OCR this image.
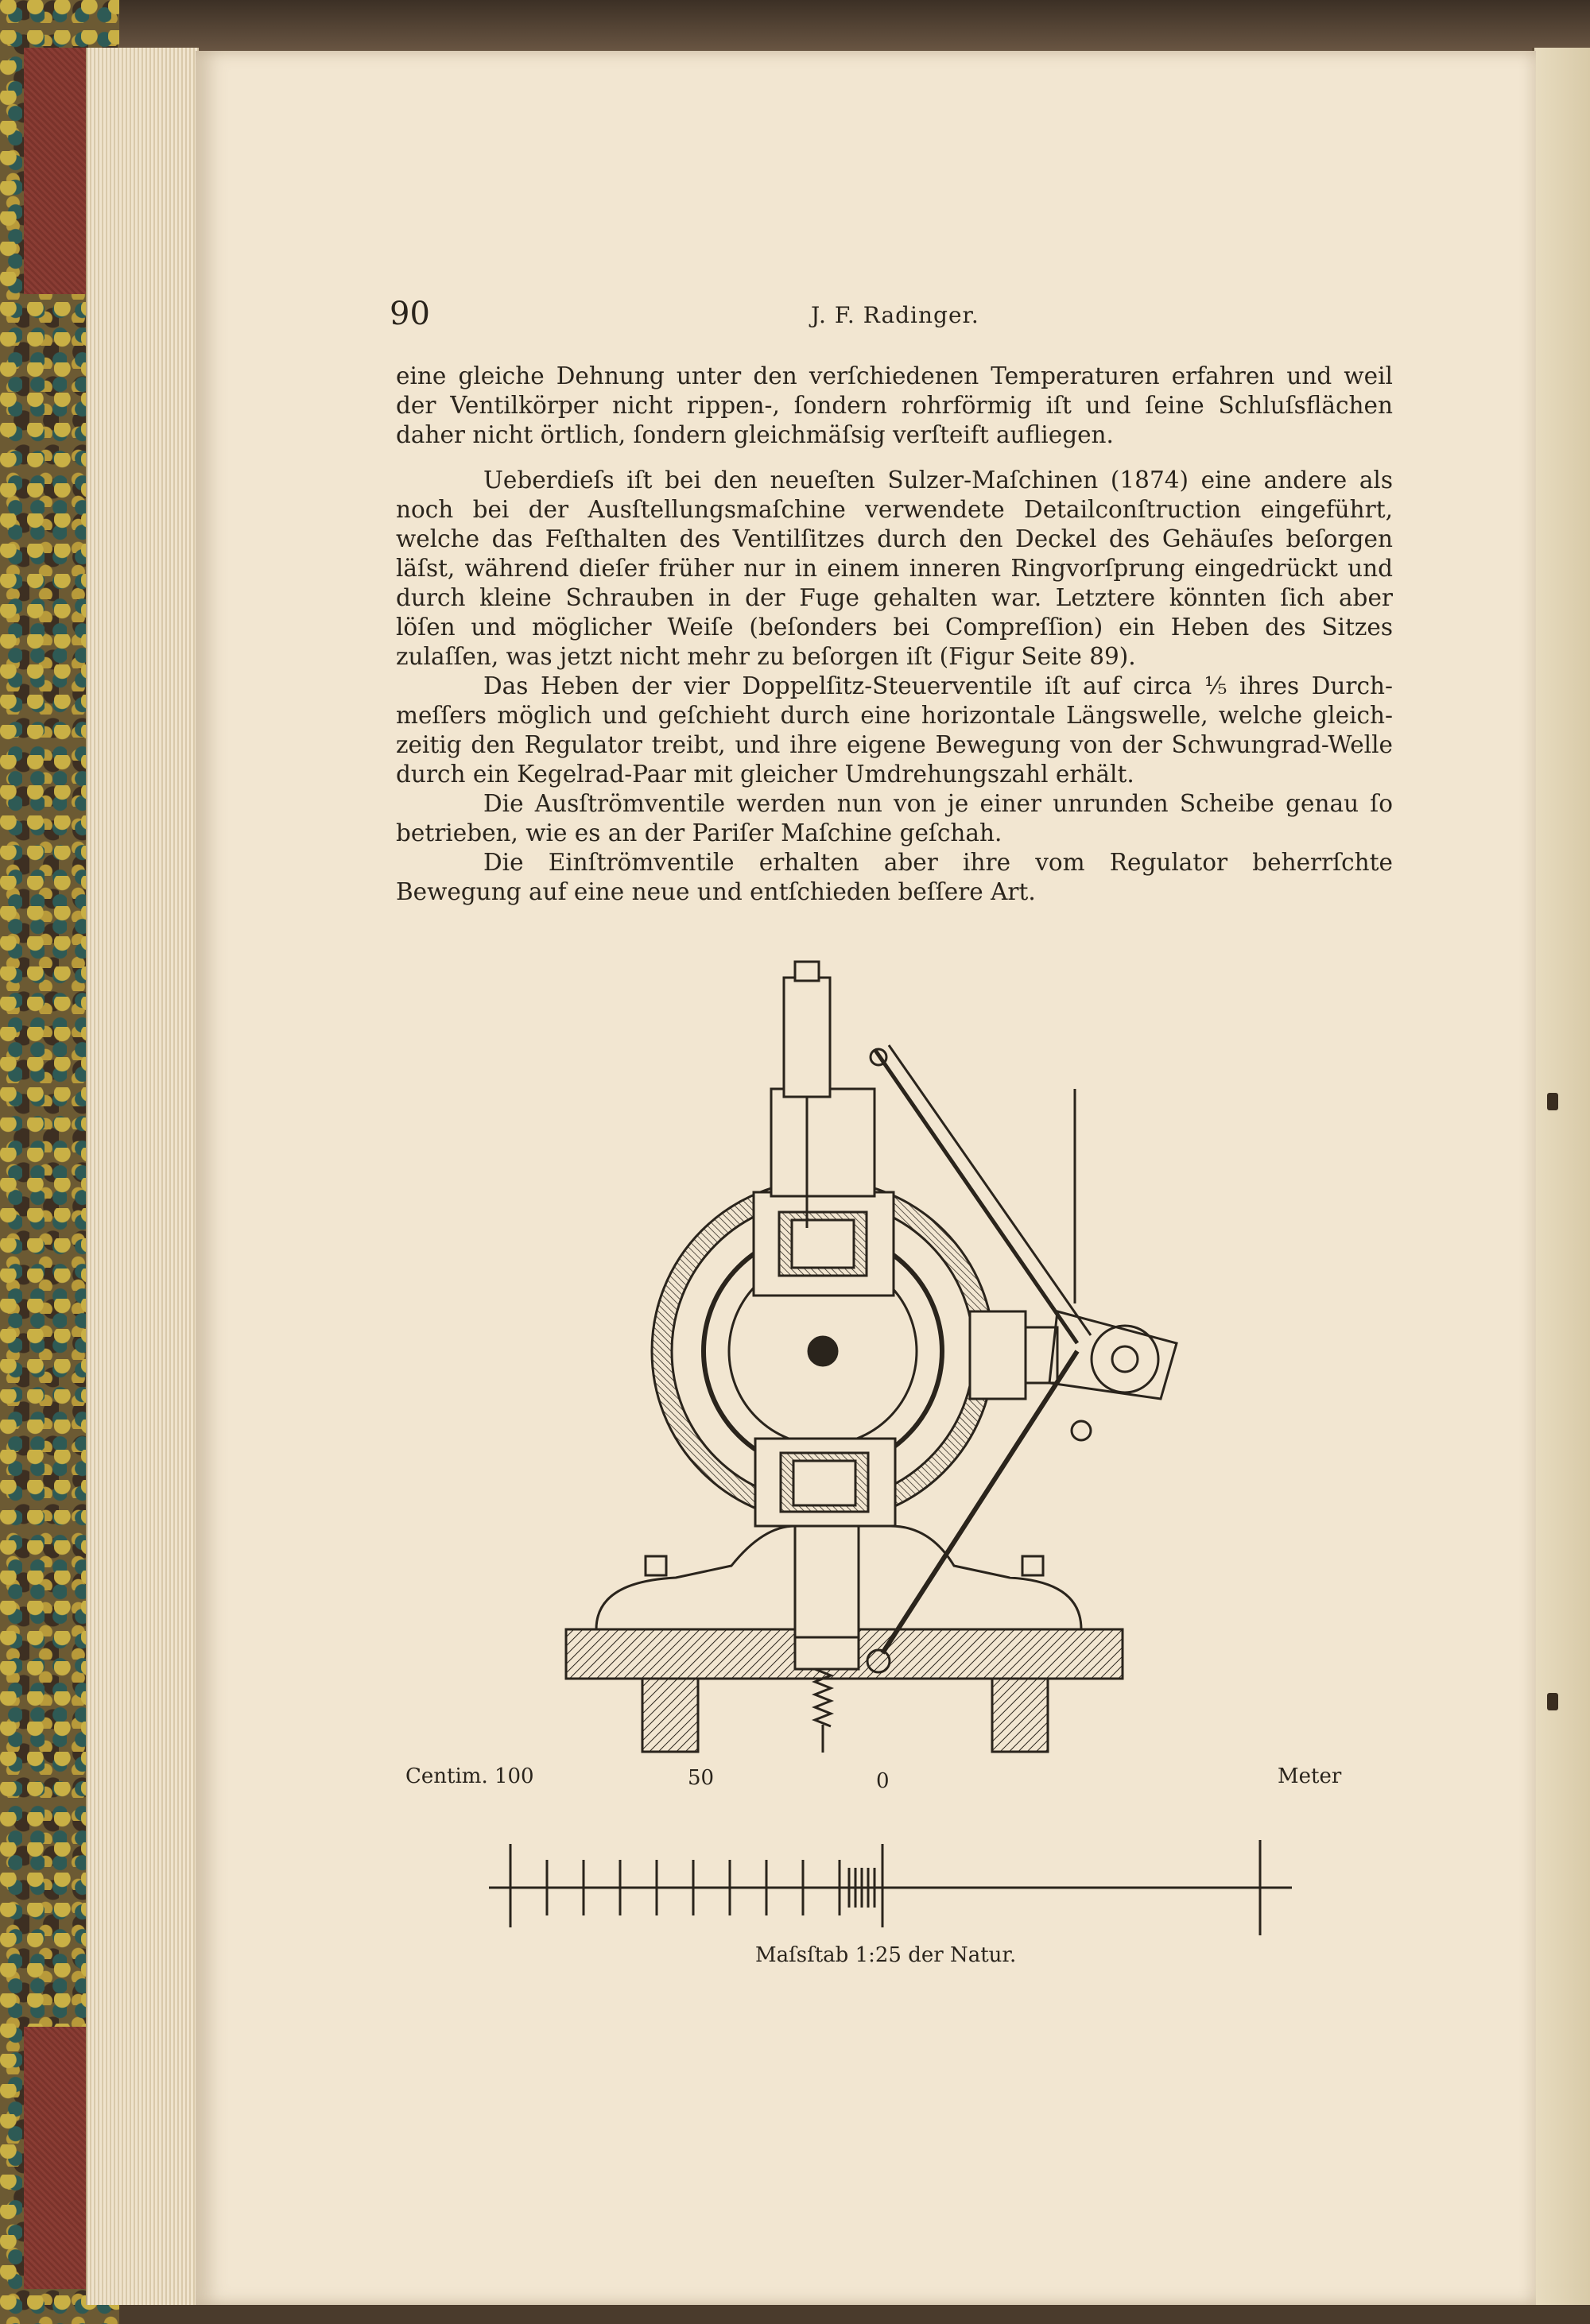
90	J. F. Radinger.

eine gleiche Dehnung unter den verſchiedenen Temperaturen erfahren und weil
der Ventilkörper nicht rippen-, ſondern rohrförmig iſt und ſeine Schluſsflächen
daher nicht örtlich, ſondern gleichmäſsig verſteift aufliegen.

Ueberdieſs iſt bei den neueſten Sulzer-Maſchinen (1874) eine andere als
noch bei der Ausſtellungsmaſchine verwendete Detailconſtruction eingeführt,
welche das Feſthalten des Ventilſitzes durch den Deckel des Gehäuſes beſorgen
läſst, während dieſer früher nur in einem inneren Ringvorſprung eingedrückt und
durch kleine Schrauben in der Fuge gehalten war. Letztere könnten ſich aber
löſen und möglicher Weiſe (beſonders bei Compreſſion) ein Heben des Sitzes
zulaſſen, was jetzt nicht mehr zu beſorgen iſt (Figur Seite 89).

Das Heben der vier Doppelſitz-Steuerventile iſt auf circa ⅕ ihres Durch-
meſſers möglich und geſchieht durch eine horizontale Längswelle, welche gleich-
zeitig den Regulator treibt, und ihre eigene Bewegung von der Schwungrad-Welle
durch ein Kegelrad-Paar mit gleicher Umdrehungszahl erhält.

Die Ausſtrömventile werden nun von je einer unrunden Scheibe genau ſo
betrieben, wie es an der Pariſer Maſchine geſchah.

Die Einſtrömventile erhalten aber ihre vom Regulator beherrſchte
Bewegung auf eine neue und entſchieden beſſere Art.

Centim. 100	50	0	Meter
Maſsſtab 1:25 der Natur.
